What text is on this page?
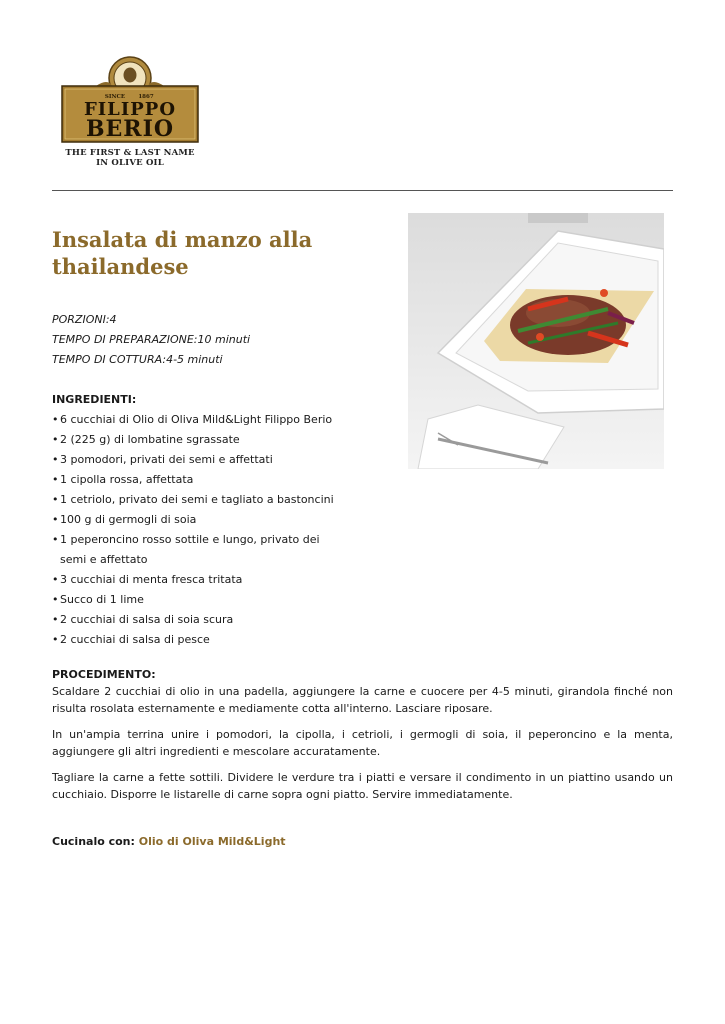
SINCE 1867
FILIPPO
BERIO
THE FIRST & LAST NAME
IN OLIVE OIL
Insalata di manzo alla thailandese
PORZIONI:4
TEMPO DI PREPARAZIONE:10 minuti
TEMPO DI COTTURA:4-5 minuti
INGREDIENTI:
• 6 cucchiai di Olio di Oliva Mild&Light Filippo Berio
• 2 (225 g) di lombatine sgrassate
• 3 pomodori, privati dei semi e affettati
• 1 cipolla rossa, affettata
• 1 cetriolo, privato dei semi e tagliato a bastoncini
• 100 g di germogli di soia
• 1 peperoncino rosso sottile e lungo, privato dei semi e affettato
• 3 cucchiai di menta fresca tritata
• Succo di 1 lime
• 2 cucchiai di salsa di soia scura
• 2 cucchiai di salsa di pesce
PROCEDIMENTO:

Scaldare 2 cucchiai di olio in una padella, aggiungere la carne e cuocere per 4-5 minuti, girandola finché non risulta rosolata esternamente e mediamente cotta all'interno. Lasciare riposare.

In un'ampia terrina unire i pomodori, la cipolla, i cetrioli, i germogli di soia, il peperoncino e la menta, aggiungere gli altri ingredienti e mescolare accuratamente.

Tagliare la carne a fette sottili. Dividere le verdure tra i piatti e versare il condimento in un piattino usando un cucchiaio. Disporre le listarelle di carne sopra ogni piatto. Servire immediatamente.

Cucinalo con: Olio di Oliva Mild&Light
